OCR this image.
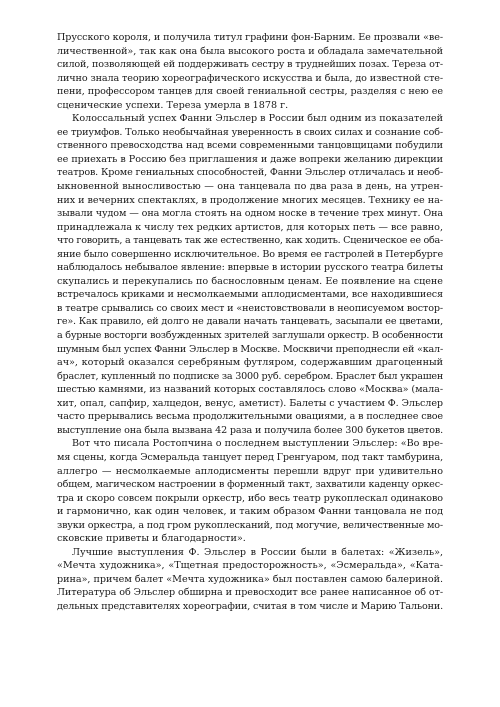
Прусского короля, и получила титул графини фон-Барним. Ее прозвали «ве-
личественной», так как она была высокого роста и обладала замечательной
силой, позволяющей ей поддерживать сестру в труднейших позах. Тереза от-
лично знала теорию хореографического искусства и была, до известной сте-
пени, профессором танцев для своей гениальной сестры, разделяя с нею ее
сценические успехи. Тереза умерла в 1878 г.
Колоссальный успех Фанни Эльслер в России был одним из показателей
ее триумфов. Только необычайная уверенность в своих силах и сознание соб-
ственного превосходства над всеми современными танцовщицами побудили
ее приехать в Россию без приглашения и даже вопреки желанию дирекции
театров. Кроме гениальных способностей, Фанни Эльслер отличалась и необ-
ыкновенной выносливостью — она танцевала по два раза в день, на утрен-
них и вечерних спектаклях, в продолжение многих месяцев. Технику ее на-
зывали чудом — она могла стоять на одном носке в течение трех минут. Она
принадлежала к числу тех редких артистов, для которых петь — все равно,
что говорить, а танцевать так же естественно, как ходить. Сценическое ее оба-
яние было совершенно исключительное. Во время ее гастролей в Петербурге
наблюдалось небывалое явление: впервые в истории русского театра билеты
скупались и перекупались по баснословным ценам. Ее появление на сцене
встречалось криками и несмолкаемыми аплодисментами, все находившиеся
в театре срывались со своих мест и «неистовствовали в неописуемом востор-
ге». Как правило, ей долго не давали начать танцевать, засыпали ее цветами,
а бурные восторги возбужденных зрителей заглушали оркестр. В особенности
шумным был успех Фанни Эльслер в Москве. Москвичи преподнесли ей «кал-
ач», который оказался серебряным футляром, содержавшим драгоценный
браслет, купленный по подписке за 3000 руб. серебром. Браслет был украшен
шестью камнями, из названий которых составлялось слово «Москва» (мала-
хит, опал, сапфир, халцедон, венус, аметист). Балеты с участием Ф. Эльслер
часто прерывались весьма продолжительными овациями, а в последнее свое
выступление она была вызвана 42 раза и получила более 300 букетов цветов.
Вот что писала Ростопчина о последнем выступлении Эльслер: «Во вре-
мя сцены, когда Эсмеральда танцует перед Гренгуаром, под такт тамбурина,
аллегро — несмолкаемые аплодисменты перешли вдруг при удивительно
общем, магическом настроении в форменный такт, захватили каденцу оркес-
тра и скоро совсем покрыли оркестр, ибо весь театр рукоплескал одинаково
и гармонично, как один человек, и таким образом Фанни танцовала не под
звуки оркестра, а под гром рукоплесканий, под могучие, величественные мо-
сковские приветы и благодарности».
Лучшие выступления Ф. Эльслер в России были в балетах: «Жизель»,
«Мечта художника», «Тщетная предосторожность», «Эсмеральда», «Ката-
рина», причем балет «Мечта художника» был поставлен самою балериной.
Литература об Эльслер обширна и превосходит все ранее написанное об от-
дельных представителях хореографии, считая в том числе и Марию Тальони.
